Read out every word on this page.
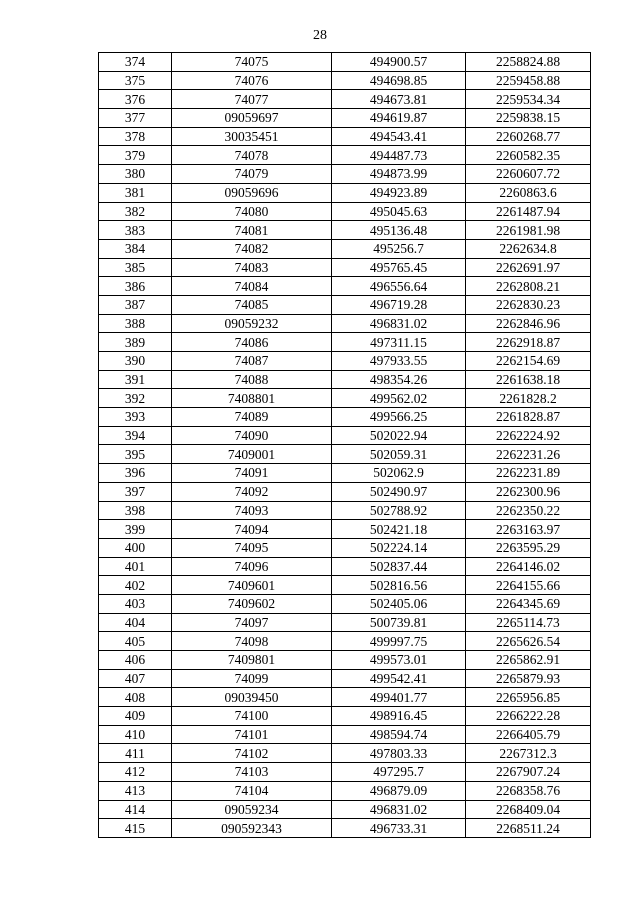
28
374	74075	494900.57	2258824.88
375	74076	494698.85	2259458.88
376	74077	494673.81	2259534.34
377	09059697	494619.87	2259838.15
378	30035451	494543.41	2260268.77
379	74078	494487.73	2260582.35
380	74079	494873.99	2260607.72
381	09059696	494923.89	2260863.6
382	74080	495045.63	2261487.94
383	74081	495136.48	2261981.98
384	74082	495256.7	2262634.8
385	74083	495765.45	2262691.97
386	74084	496556.64	2262808.21
387	74085	496719.28	2262830.23
388	09059232	496831.02	2262846.96
389	74086	497311.15	2262918.87
390	74087	497933.55	2262154.69
391	74088	498354.26	2261638.18
392	7408801	499562.02	2261828.2
393	74089	499566.25	2261828.87
394	74090	502022.94	2262224.92
395	7409001	502059.31	2262231.26
396	74091	502062.9	2262231.89
397	74092	502490.97	2262300.96
398	74093	502788.92	2262350.22
399	74094	502421.18	2263163.97
400	74095	502224.14	2263595.29
401	74096	502837.44	2264146.02
402	7409601	502816.56	2264155.66
403	7409602	502405.06	2264345.69
404	74097	500739.81	2265114.73
405	74098	499997.75	2265626.54
406	7409801	499573.01	2265862.91
407	74099	499542.41	2265879.93
408	09039450	499401.77	2265956.85
409	74100	498916.45	2266222.28
410	74101	498594.74	2266405.79
411	74102	497803.33	2267312.3
412	74103	497295.7	2267907.24
413	74104	496879.09	2268358.76
414	09059234	496831.02	2268409.04
415	090592343	496733.31	2268511.24
